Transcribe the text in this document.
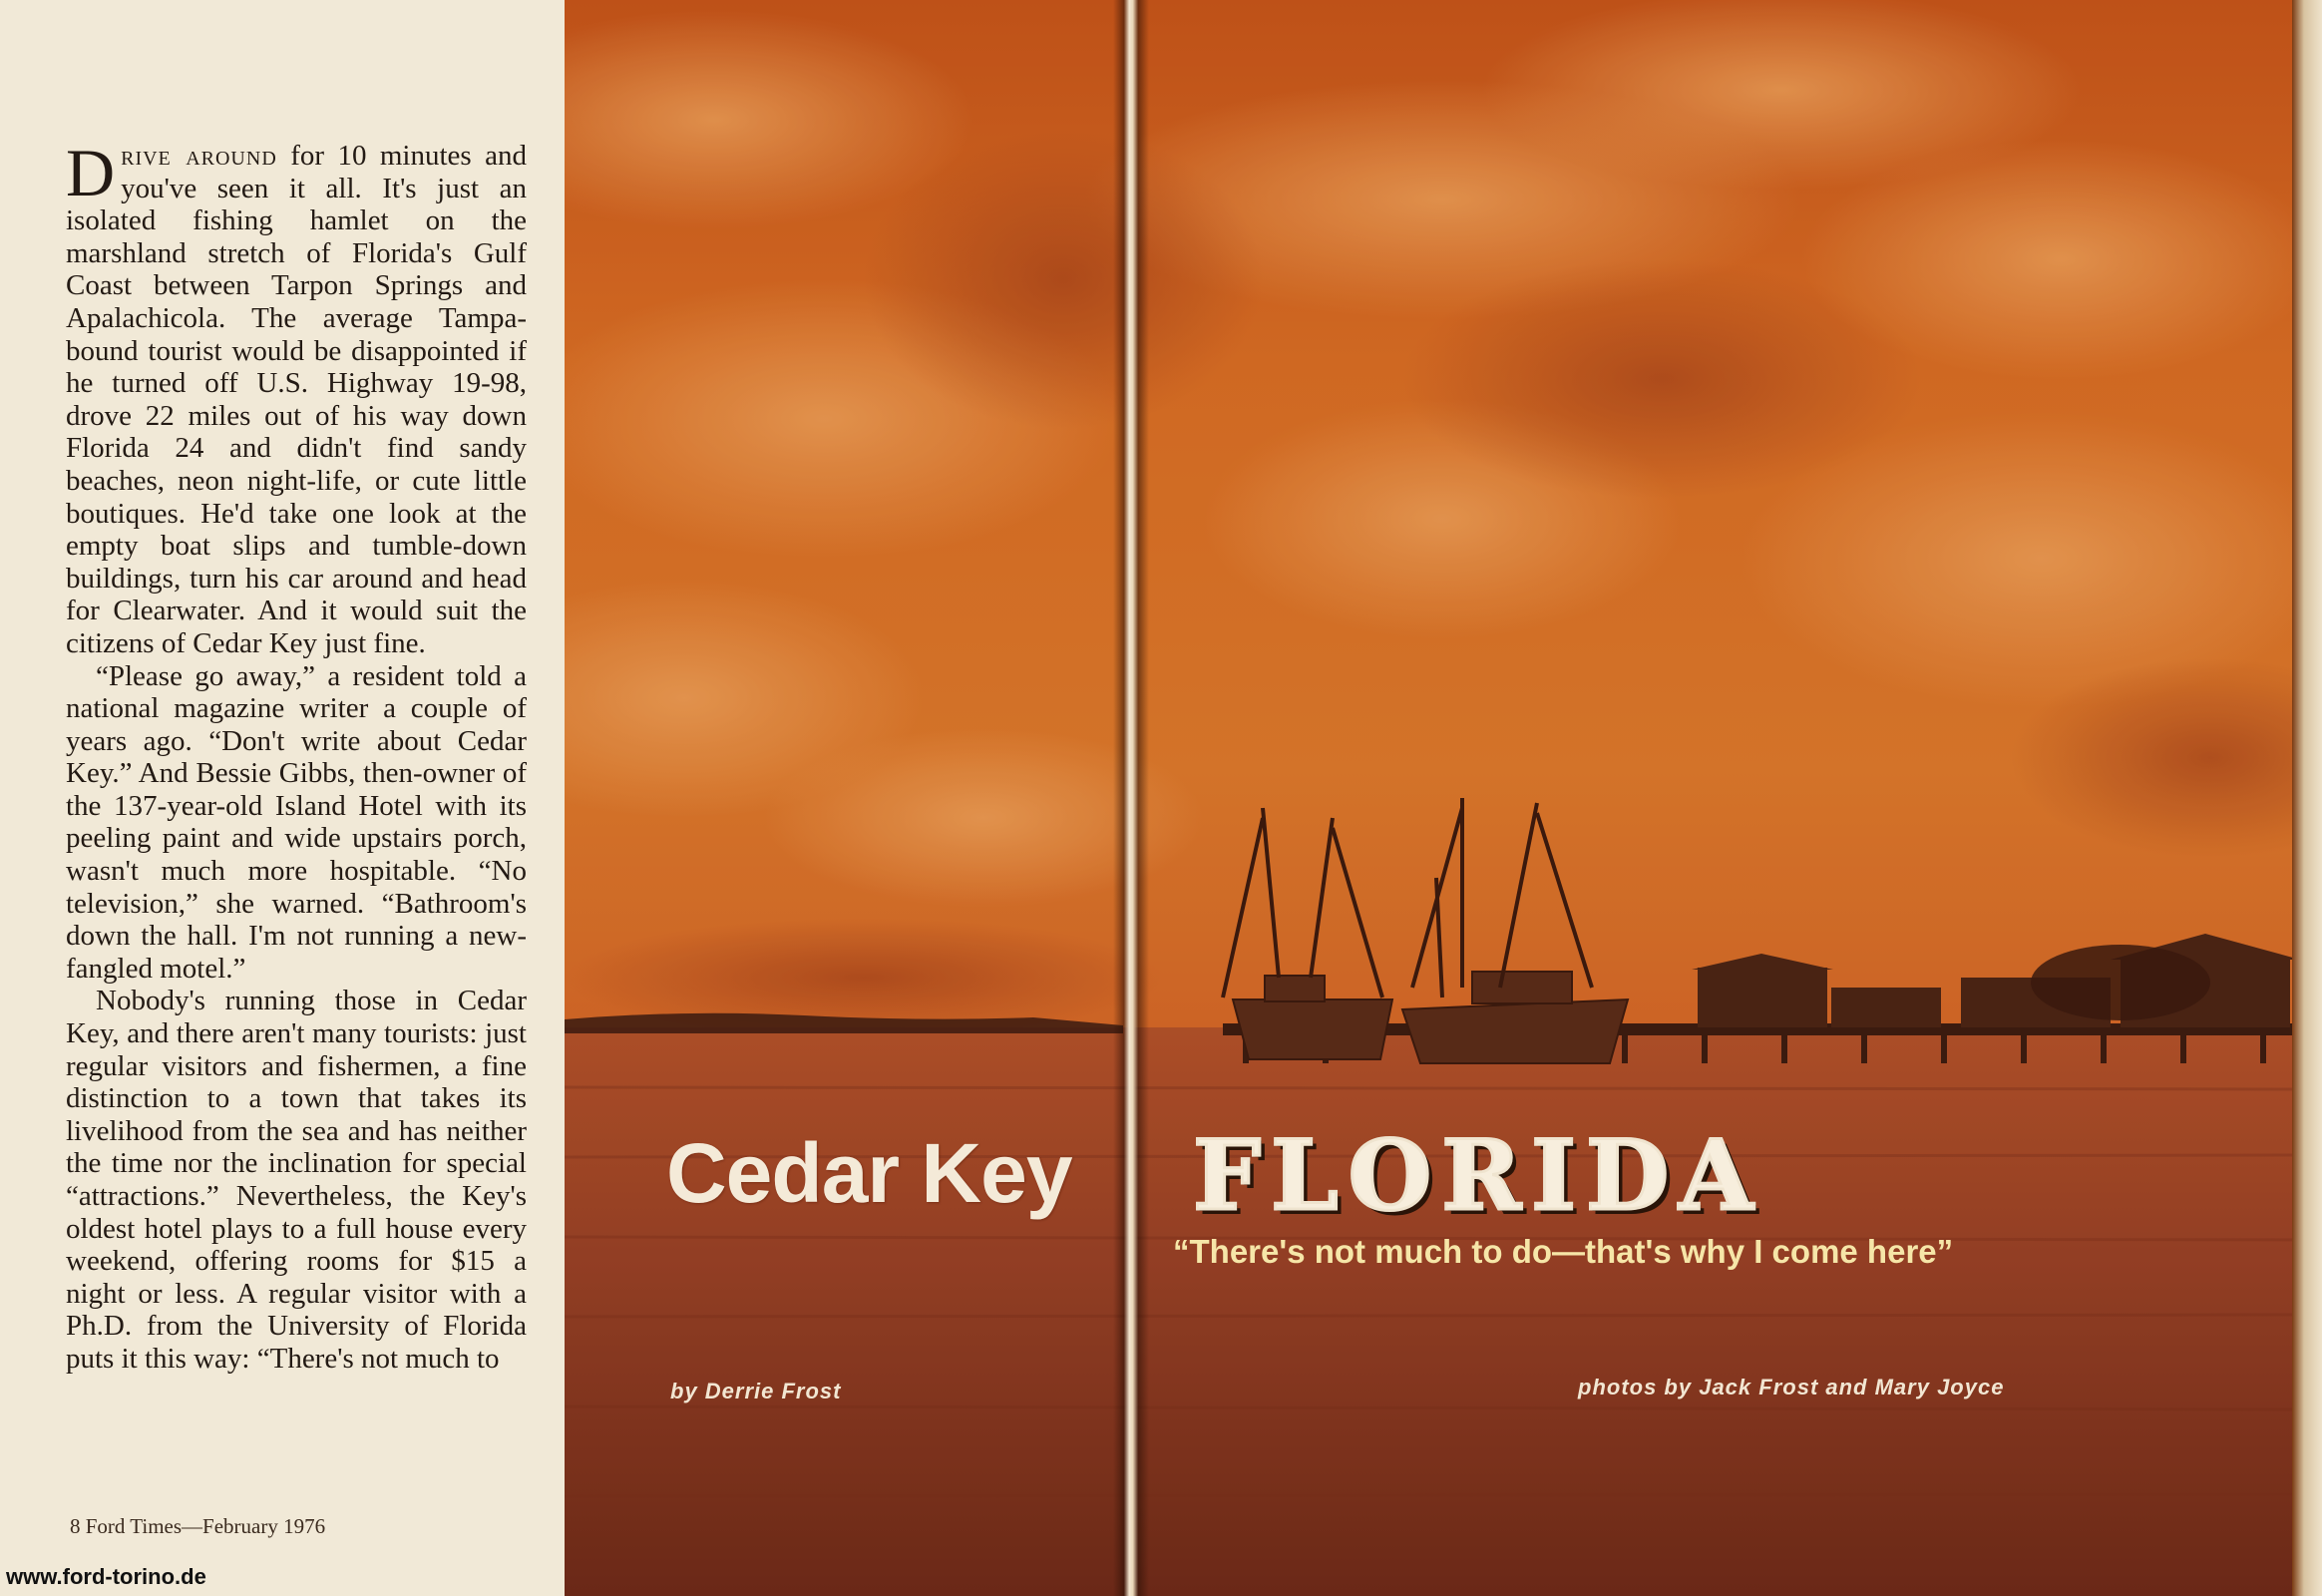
Drive around for 10 minutes and you've seen it all. It's just an isolated fishing hamlet on the marshland stretch of Florida's Gulf Coast between Tarpon Springs and Apalachicola. The average Tampa-bound tourist would be disappointed if he turned off U.S. Highway 19-98, drove 22 miles out of his way down Florida 24 and didn't find sandy beaches, neon night-life, or cute little boutiques. He'd take one look at the empty boat slips and tumble-down buildings, turn his car around and head for Clearwater. And it would suit the citizens of Cedar Key just fine.

“Please go away,” a resident told a national magazine writer a couple of years ago. “Don't write about Cedar Key.” And Bessie Gibbs, then-owner of the 137-year-old Island Hotel with its peeling paint and wide upstairs porch, wasn't much more hospitable. “No television,” she warned. “Bathroom's down the hall. I'm not running a new-fangled motel.”

Nobody's running those in Cedar Key, and there aren't many tourists: just regular visitors and fishermen, a fine distinction to a town that takes its livelihood from the sea and has neither the time nor the inclination for special “attractions.” Nevertheless, the Key's oldest hotel plays to a full house every weekend, offering rooms for $15 a night or less. A regular visitor with a Ph.D. from the University of Florida puts it this way: “There's not much to

8 Ford Times—February 1976
Cedar Key FLORIDA
“There's not much to do—that's why I come here”
by Derrie Frost	photos by Jack Frost and Mary Joyce
www.ford-torino.de
